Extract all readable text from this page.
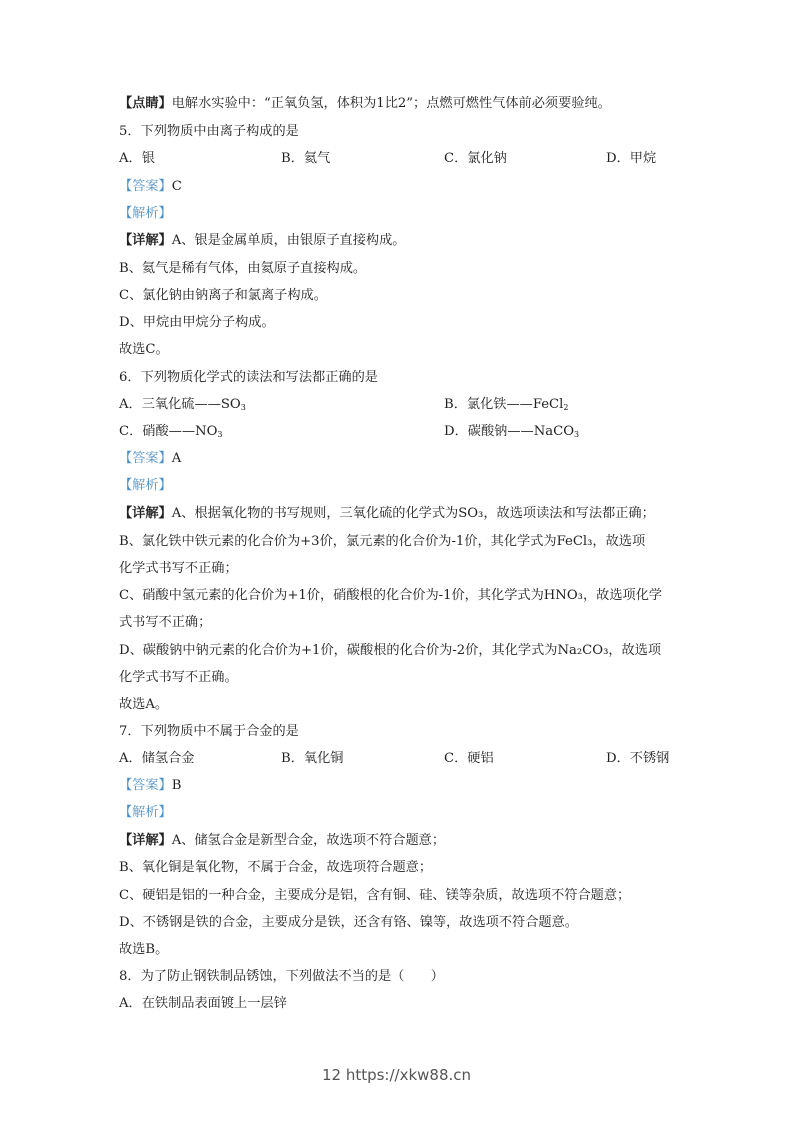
【点睛】电解水实验中：“正氧负氢，体积为1比2”；点燃可燃性气体前必须要验纯。
5．下列物质中由离子构成的是
A．银	B．氦气	C．氯化钠	D．甲烷
【答案】C
【解析】
【详解】A、银是金属单质，由银原子直接构成。
B、氦气是稀有气体，由氦原子直接构成。
C、氯化钠由钠离子和氯离子构成。
D、甲烷由甲烷分子构成。
故选C。
6．下列物质化学式的读法和写法都正确的是
A．三氧化硫$——SO_3$	B．氯化铁——FeCl$_2$
C．硝酸$——NO_3$	D．碳酸钠——NaCO$_3$
【答案】A
【解析】
【详解】A、根据氧化物的书写规则，三氧化硫的化学式为SO₃，故选项读法和写法都正确；
B、氯化铁中铁元素的化合价为+3价，氯元素的化合价为-1价，其化学式为FeCl₃，故选项
化学式书写不正确；
C、硝酸中氢元素的化合价为+1价，硝酸根的化合价为-1价，其化学式为HNO₃，故选项化学
式书写不正确；
D、碳酸钠中钠元素的化合价为+1价，碳酸根的化合价为-2价，其化学式为Na₂CO₃，故选项
化学式书写不正确。
故选A。
7．下列物质中不属于合金的是
A．储氢合金	B．氧化铜	C．硬铝	D．不锈钢
【答案】B
【解析】
【详解】A、储氢合金是新型合金，故选项不符合题意；
B、氧化铜是氧化物，不属于合金，故选项符合题意；
C、硬铝是铝的一种合金，主要成分是铝，含有铜、硅、镁等杂质，故选项不符合题意；
D、不锈钢是铁的合金，主要成分是铁，还含有铬、镍等，故选项不符合题意。
故选B。
8．为了防止钢铁制品锈蚀，下列做法不当的是（　　）
A．在铁制品表面镀上一层锌
12 https://xkw88.cn
